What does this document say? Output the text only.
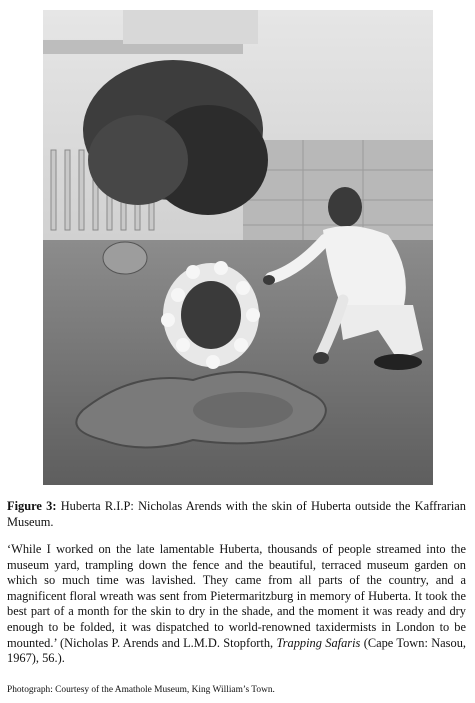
Figure 3: Huberta R.I.P: Nicholas Arends with the skin of Huberta outside the Kaffrarian Museum.
‘While I worked on the late lamentable Huberta, thousands of people streamed into the museum yard, trampling down the fence and the beautiful, terraced museum garden on which so much time was lavished. They came from all parts of the country, and a magnificent floral wreath was sent from Pietermaritzburg in memory of Huberta. It took the best part of a month for the skin to dry in the shade, and the moment it was ready and dry enough to be folded, it was dispatched to world-renowned taxidermists in London to be mounted.’ (Nicholas P. Arends and L.M.D. Stopforth, Trapping Safaris (Cape Town: Nasou, 1967), 56.).
Photograph: Courtesy of the Amathole Museum, King William’s Town.
